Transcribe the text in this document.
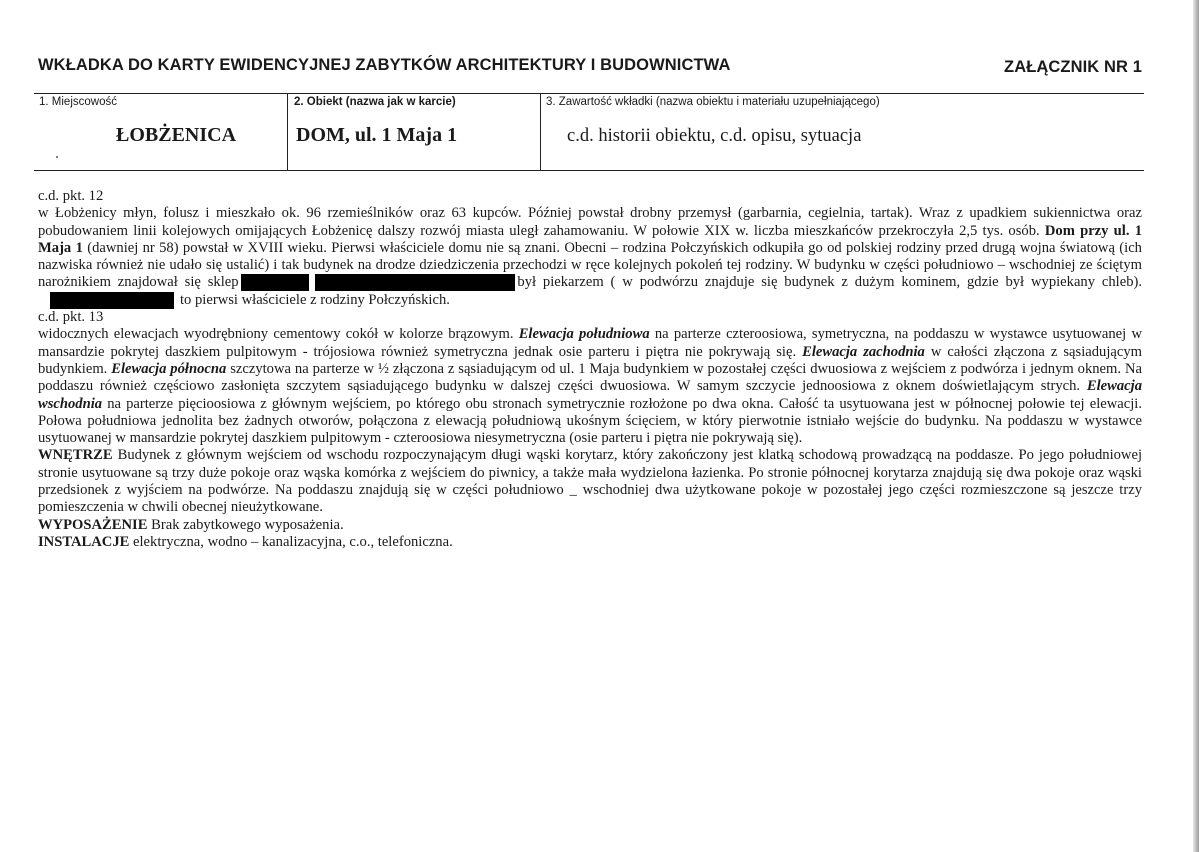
WKŁADKA DO KARTY EWIDENCYJNEJ ZABYTKÓW ARCHITEKTURY I BUDOWNICTWA	ZAŁĄCZNIK NR 1
1. Miejscowość
ŁOBŻENICA
2. Obiekt (nazwa jak w karcie)
DOM, ul. 1 Maja 1
3. Zawartość wkładki (nazwa obiektu i materiału uzupełniającego)
c.d. historii obiektu, c.d. opisu, sytuacja

c.d. pkt. 12

w Łobżenicy młyn, folusz i mieszkało ok. 96 rzemieślników oraz 63 kupców. Później powstał drobny przemysł (garbarnia, cegielnia, tartak). Wraz z upadkiem sukiennictwa oraz pobudowaniem linii kolejowych omijających Łobżenicę dalszy rozwój miasta uległ zahamowaniu. W połowie XIX w. liczba mieszkańców przekroczyła 2,5 tys. osób. Dom przy ul. 1 Maja 1 (dawniej nr 58) powstał w XVIII wieku. Pierwsi właściciele domu nie są znani. Obecni – rodzina Połczyńskich odkupiła go od polskiej rodziny przed drugą wojna światową (ich nazwiska również nie udało się ustalić) i tak budynek na drodze dziedziczenia przechodzi w ręce kolejnych pokoleń tej rodziny. W budynku w części południowo – wschodniej ze ściętym narożnikiem znajdował się sklep	był piekarzem ( w podwórzu znajduje się budynek z dużym kominem, gdzie był wypiekany chleb).to pierwsi właściciele z rodziny Połczyńskich.

c.d. pkt. 13

widocznych elewacjach wyodrębniony cementowy cokół w kolorze brązowym. Elewacja południowa na parterze czteroosiowa, symetryczna, na poddaszu w wystawce usytuowanej w mansardzie pokrytej daszkiem pulpitowym - trójosiowa również symetryczna jednak osie parteru i piętra nie pokrywają się. Elewacja zachodnia w całości złączona z sąsiadującym budynkiem. Elewacja północna szczytowa na parterze w ½ złączona z sąsiadującym od ul. 1 Maja budynkiem w pozostałej części dwuosiowa z wejściem z podwórza i jednym oknem. Na poddaszu również częściowo zasłonięta szczytem sąsiadującego budynku w dalszej części dwuosiowa. W samym szczycie jednoosiowa z oknem doświetlającym strych. Elewacja wschodnia na parterze pięcioosiowa z głównym wejściem, po którego obu stronach symetrycznie rozłożone po dwa okna. Całość ta usytuowana jest w północnej połowie tej elewacji. Połowa południowa jednolita bez żadnych otworów, połączona z elewacją południową ukośnym ścięciem, w który pierwotnie istniało wejście do budynku. Na poddaszu w wystawce usytuowanej w mansardzie pokrytej daszkiem pulpitowym - czteroosiowa niesymetryczna (osie parteru i piętra nie pokrywają się).

WNĘTRZE Budynek z głównym wejściem od wschodu rozpoczynającym długi wąski korytarz, który zakończony jest klatką schodową prowadzącą na poddasze. Po jego południowej stronie usytuowane są trzy duże pokoje oraz wąska komórka z wejściem do piwnicy, a także mała wydzielona łazienka. Po stronie północnej korytarza znajdują się dwa pokoje oraz wąski przedsionek z wyjściem na podwórze. Na poddaszu znajdują się w części południowo _ wschodniej dwa użytkowane pokoje w pozostałej jego części rozmieszczone są jeszcze trzy pomieszczenia w chwili obecnej nieużytkowane.

WYPOSAŻENIE Brak zabytkowego wyposażenia.

INSTALACJE elektryczna, wodno – kanalizacyjna, c.o., telefoniczna.
